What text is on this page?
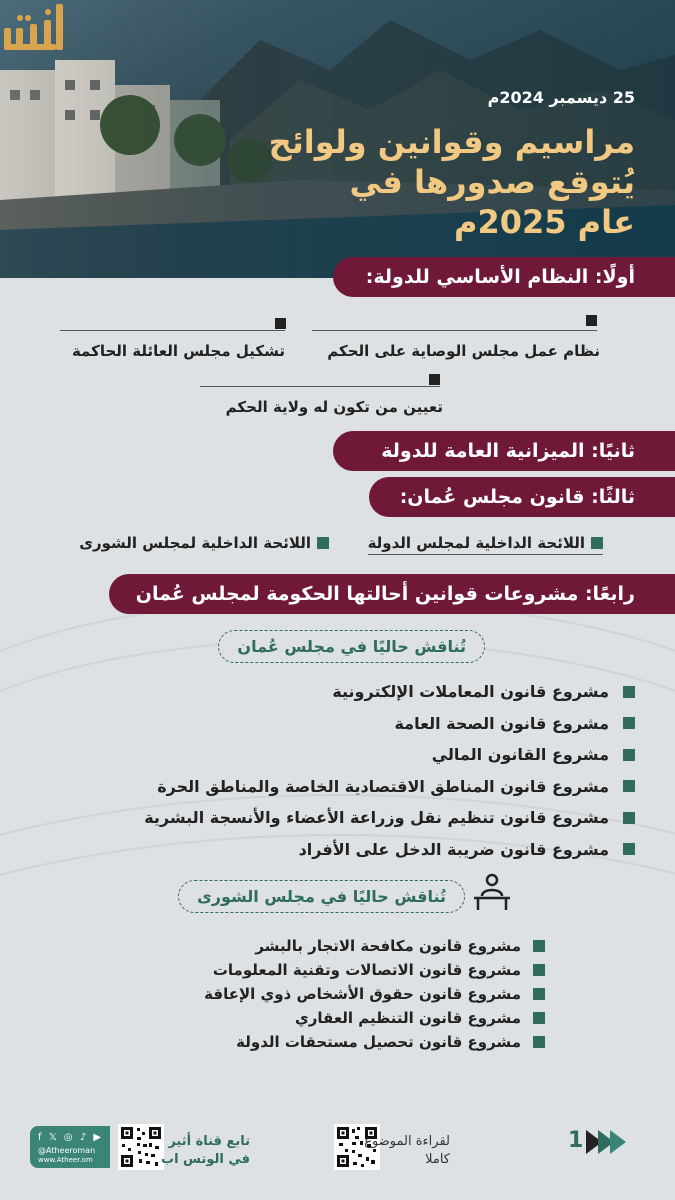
25 ديسمبر 2024م
مراسيم وقوانين ولوائح
يُتوقع صدورها في
عام 2025م
أولًا: النظام الأساسي للدولة:
نظام عمل مجلس الوصاية على الحكم
تشكيل مجلس العائلة الحاكمة
تعيين من تكون له ولاية الحكم
ثانيًا: الميزانية العامة للدولة
ثالثًا: قانون مجلس عُمان:
اللائحة الداخلية لمجلس الدولة
اللائحة الداخلية لمجلس الشورى
رابعًا: مشروعات قوانين أحالتها الحكومة لمجلس عُمان
تُناقش حاليًا في مجلس عُمان
مشروع قانون المعاملات الإلكترونية
مشروع قانون الصحة العامة
مشروع القانون المالي
مشروع قانون المناطق الاقتصادية الخاصة والمناطق الحرة
مشروع قانون تنظيم نقل وزراعة الأعضاء والأنسجة البشرية
مشروع قانون ضريبة الدخل على الأفراد
تُناقش حاليًا في مجلس الشورى
مشروع قانون مكافحة الاتجار بالبشر
مشروع قانون الاتصالات وتقنية المعلومات
مشروع قانون حقوق الأشخاص ذوي الإعاقة
مشروع قانون التنظيم العقاري
مشروع قانون تحصيل مستحقات الدولة
f 𝕏 ◎ ♪ ▶
@Atheeroman
www.Atheer.om
تابع قناة أثير
في الوتس اب
لقراءة الموضوع
كاملا
1
